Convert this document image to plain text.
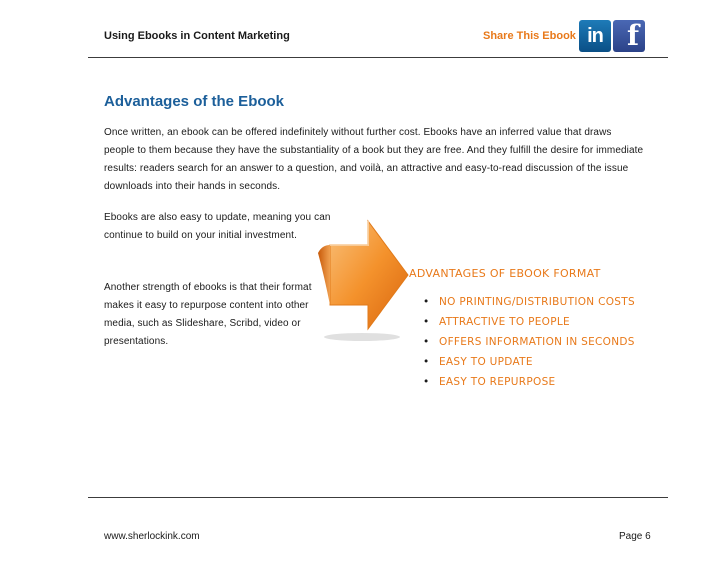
Using Ebooks in Content Marketing	Share This Ebook in f
Advantages of the Ebook

Once written, an ebook can be offered indefinitely without further cost. Ebooks have an inferred value that draws people to them because they have the substantiality of a book but they are free. And they fulfill the desire for immediate results: readers search for an answer to a question, and voilà, an attractive and easy-to-read discussion of the issue downloads into their hands in seconds.

Ebooks are also easy to update, meaning you can continue to build on your initial investment.

Another strength of ebooks is that their format makes it easy to repurpose content into other media, such as Slideshare, Scribd, video or presentations.

ADVANTAGES OF EBOOK FORMAT
• NO PRINTING/DISTRIBUTION COSTS
• ATTRACTIVE TO PEOPLE
• OFFERS INFORMATION IN SECONDS
• EASY TO UPDATE
• EASY TO REPURPOSE
www.sherlockink.com	Page 6
